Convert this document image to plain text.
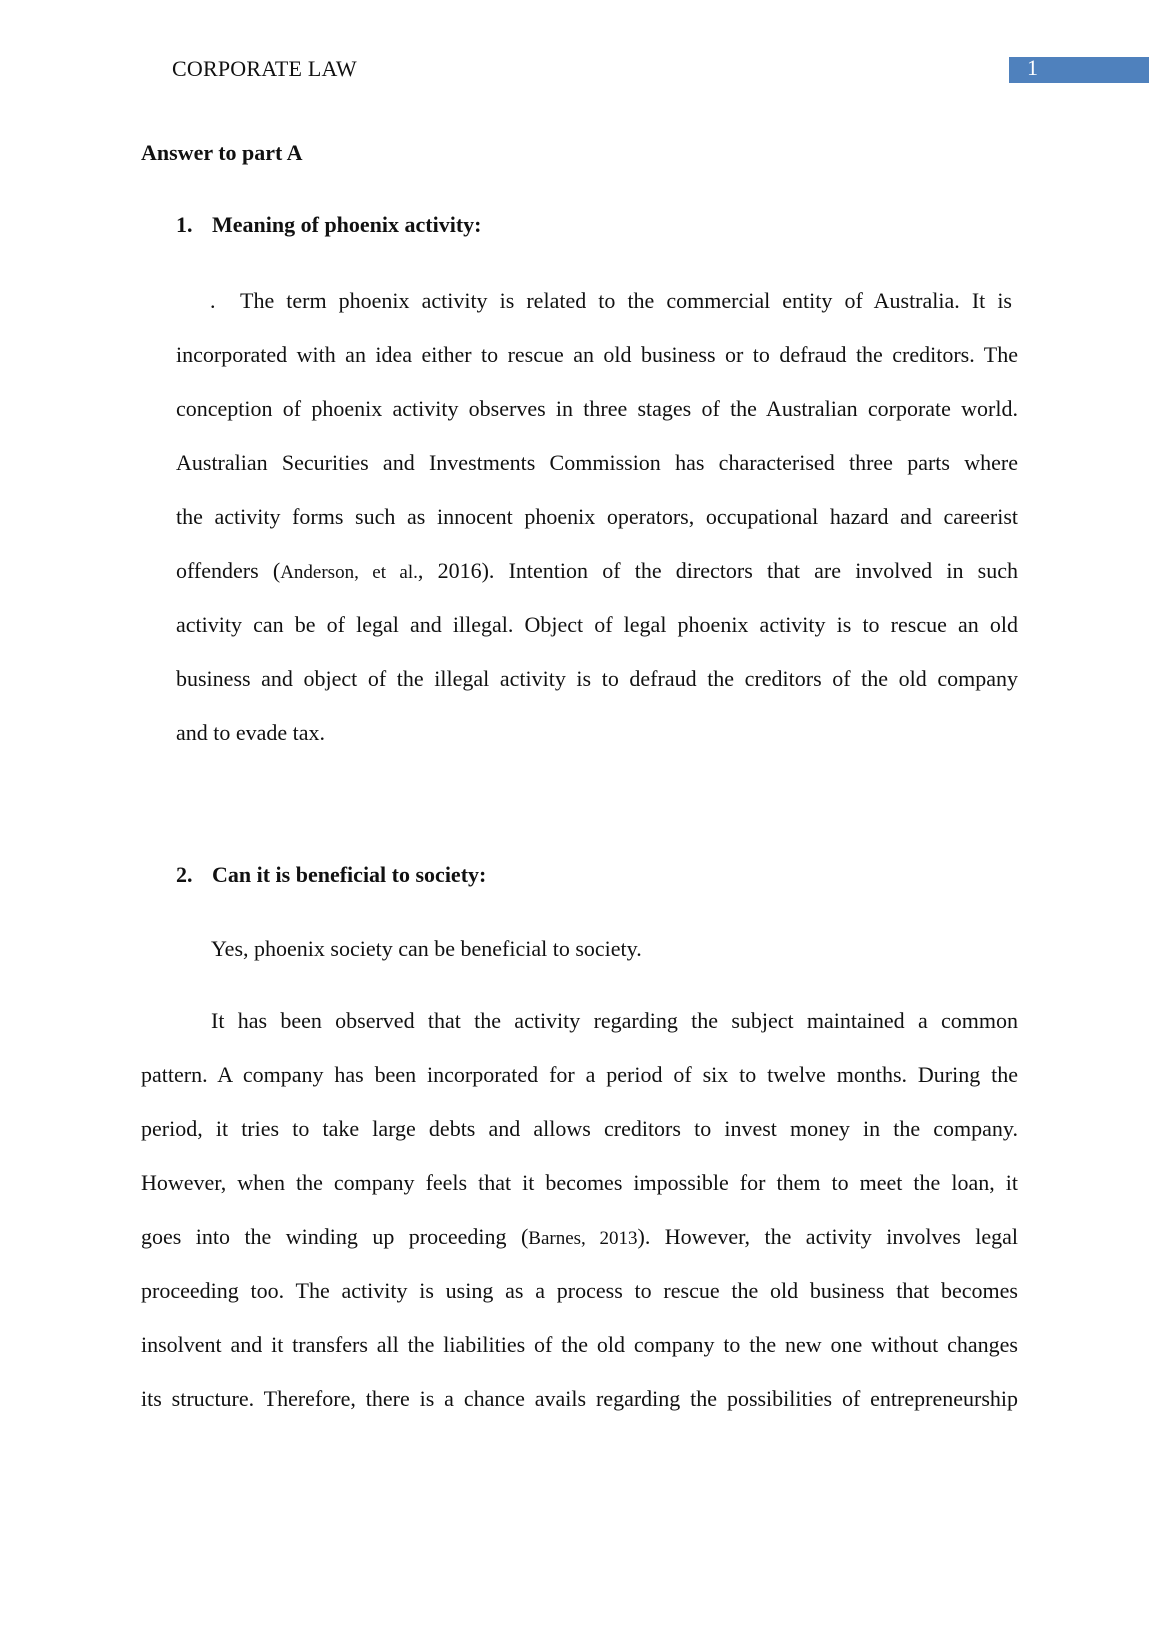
CORPORATE LAW	1
Answer to part A
1. Meaning of phoenix activity:
. The term phoenix activity is related to the commercial entity of Australia. It is
incorporated with an idea either to rescue an old business or to defraud the creditors. The
conception of phoenix activity observes in three stages of the Australian corporate world.
Australian Securities and Investments Commission has characterised three parts where
the activity forms such as innocent phoenix operators, occupational hazard and careerist
offenders (Anderson, et al., 2016). Intention of the directors that are involved in such
activity can be of legal and illegal. Object of legal phoenix activity is to rescue an old
business and object of the illegal activity is to defraud the creditors of the old company
and to evade tax.
2. Can it is beneficial to society:
Yes, phoenix society can be beneficial to society.
It has been observed that the activity regarding the subject maintained a common
pattern. A company has been incorporated for a period of six to twelve months. During the
period, it tries to take large debts and allows creditors to invest money in the company.
However, when the company feels that it becomes impossible for them to meet the loan, it
goes into the winding up proceeding (Barnes, 2013). However, the activity involves legal
proceeding too. The activity is using as a process to rescue the old business that becomes
insolvent and it transfers all the liabilities of the old company to the new one without changes
its structure. Therefore, there is a chance avails regarding the possibilities of entrepreneurship
